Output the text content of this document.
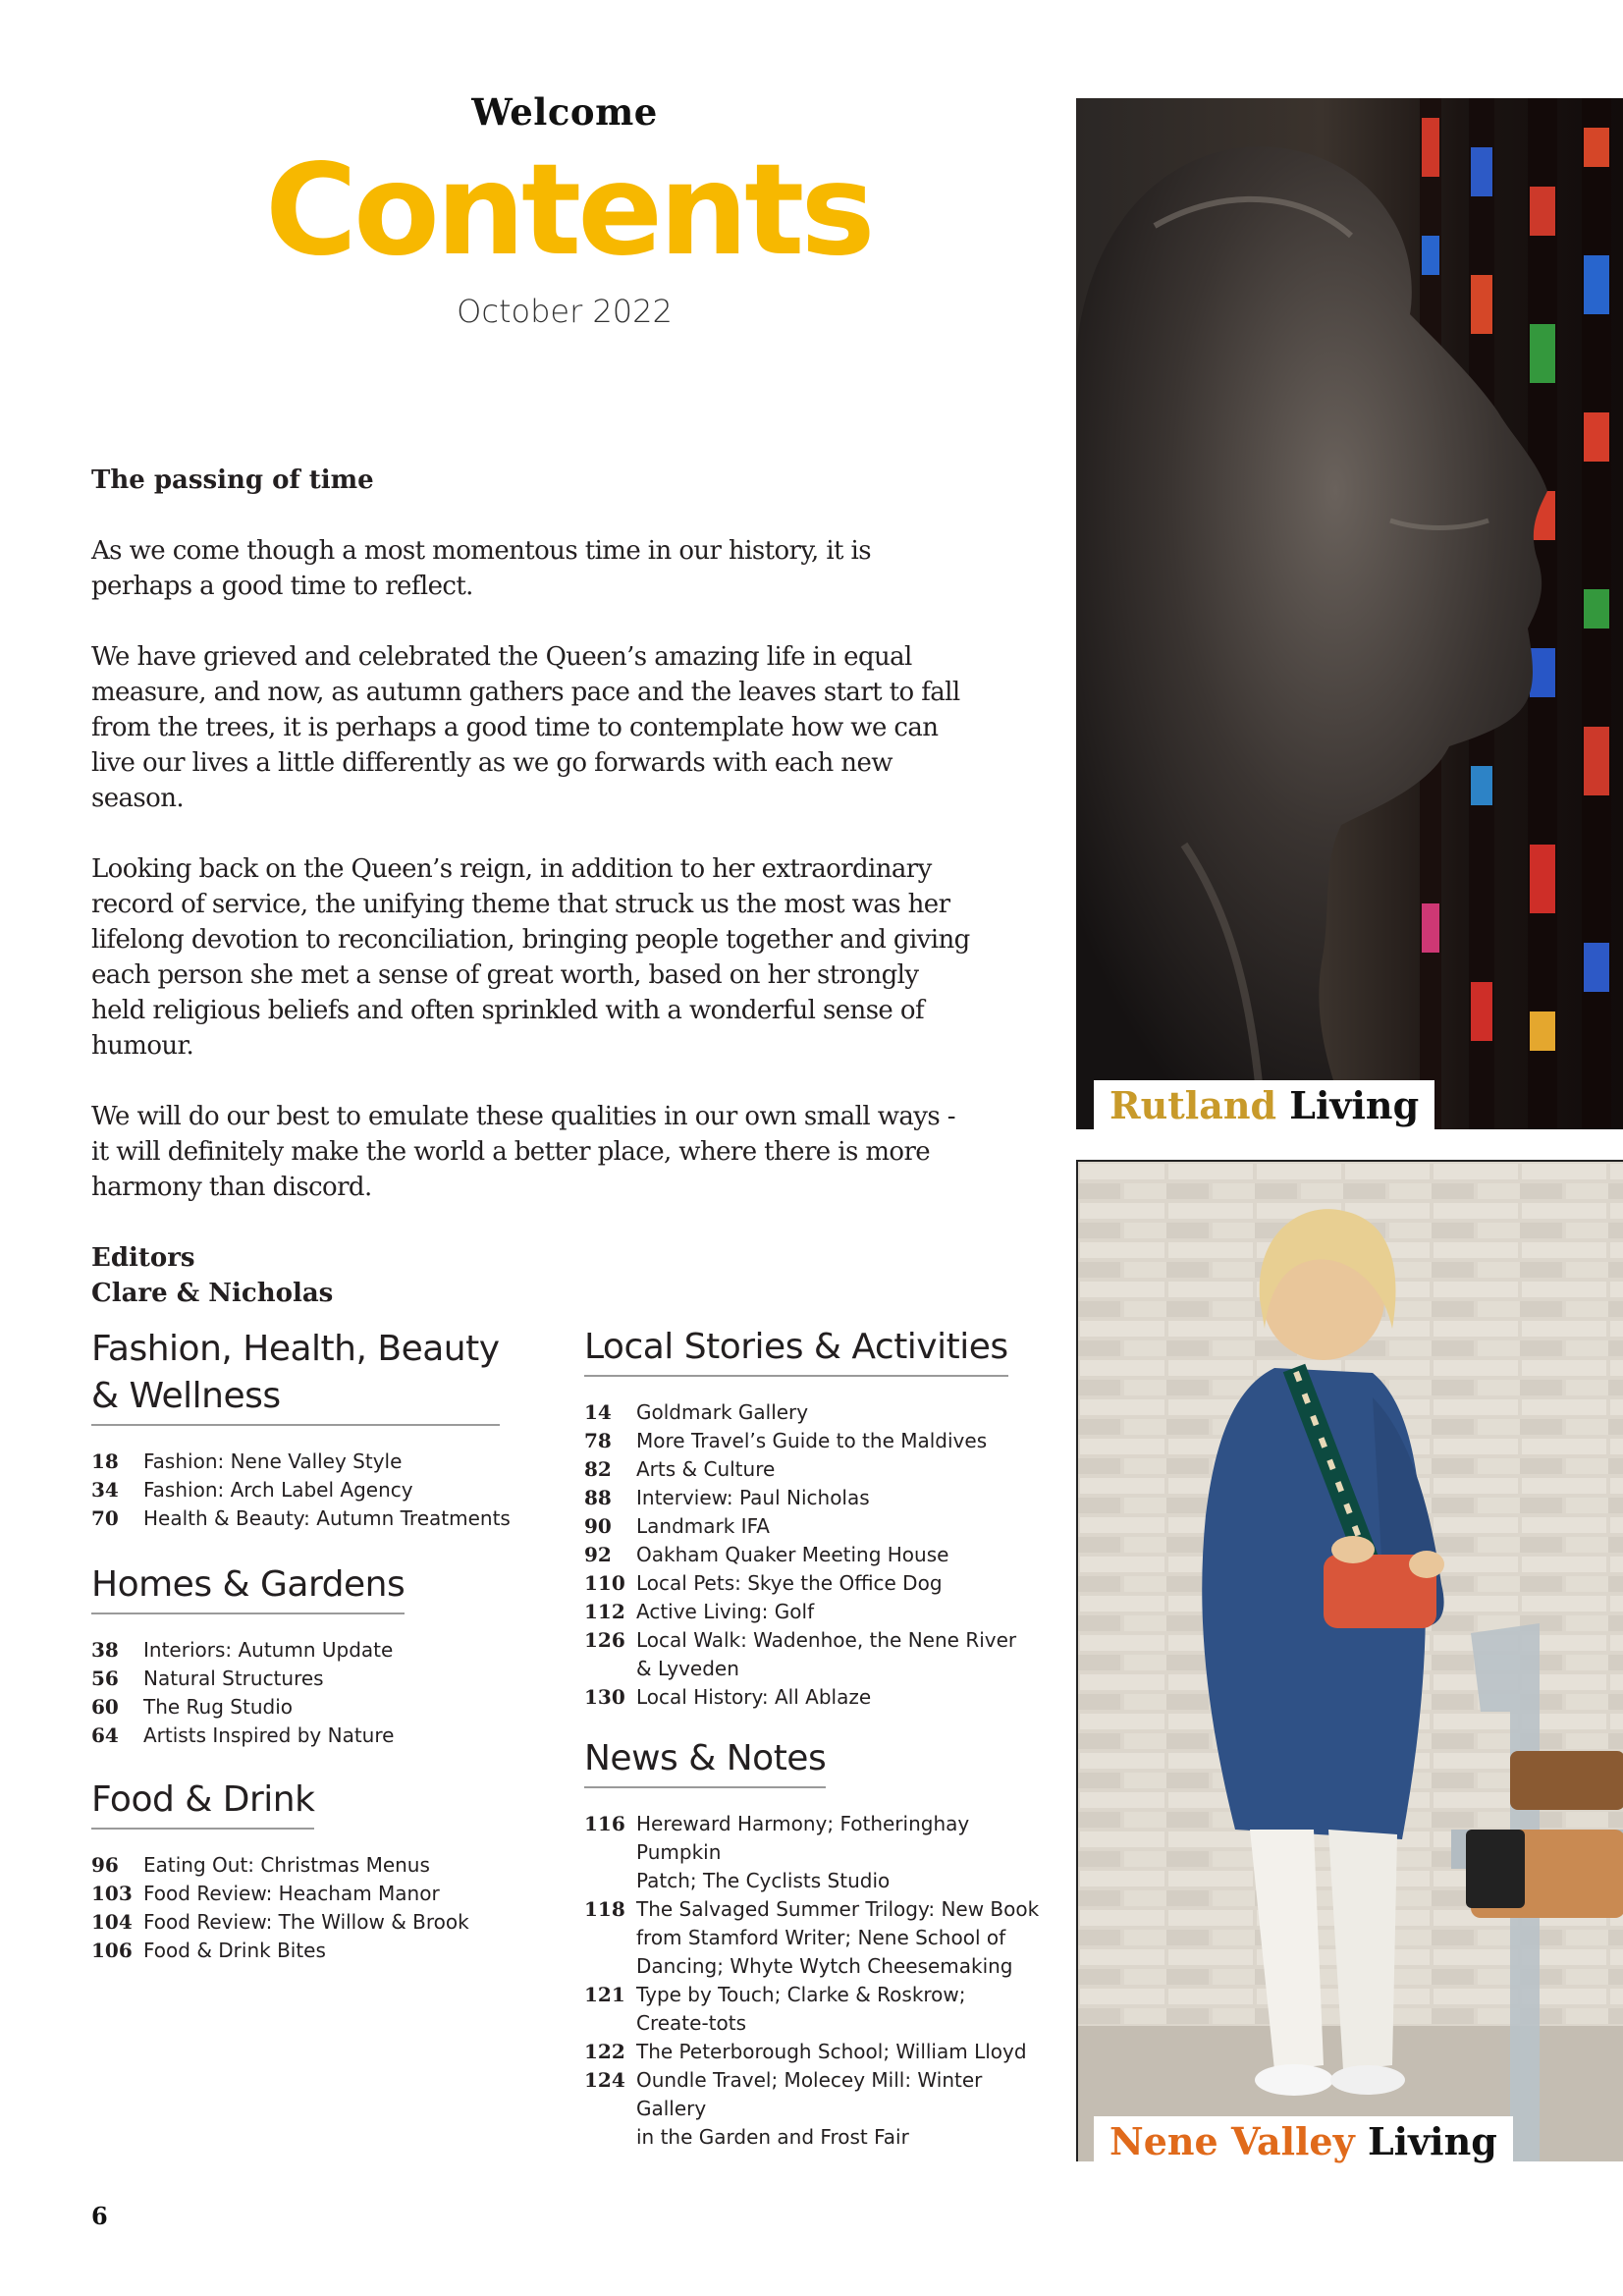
Welcome
Contents
October 2022
The passing of time

As we come though a most momentous time in our history, it is perhaps a good time to reflect.

We have grieved and celebrated the Queen’s amazing life in equal measure, and now, as autumn gathers pace and the leaves start to fall from the trees, it is perhaps a good time to contemplate how we can live our lives a little differently as we go forwards with each new season.

Looking back on the Queen’s reign, in addition to her extraordinary record of service, the unifying theme that struck us the most was her lifelong devotion to reconciliation, bringing people together and giving each person she met a sense of great worth, based on her strongly held religious beliefs and often sprinkled with a wonderful sense of humour.

We will do our best to emulate these qualities in our own small ways - it will definitely make the world a better place, where there is more harmony than discord.

Editors
Clare & Nicholas
Fashion, Health, Beauty
& Wellness
18	Fashion: Nene Valley Style
34	Fashion: Arch Label Agency
70	Health & Beauty: Autumn Treatments
Homes & Gardens
38	Interiors: Autumn Update
56	Natural Structures
60	The Rug Studio
64	Artists Inspired by Nature
Food & Drink
96	Eating Out: Christmas Menus
103 Food Review: Heacham Manor
104 Food Review: The Willow & Brook
106 Food & Drink Bites
Local Stories & Activities
14	Goldmark Gallery
78	More Travel’s Guide to the Maldives
82	Arts & Culture
88	Interview: Paul Nicholas
90	Landmark IFA
92	Oakham Quaker Meeting House
110 Local Pets: Skye the Office Dog
112 Active Living: Golf
126 Local Walk: Wadenhoe, the Nene River
& Lyveden
130 Local History: All Ablaze
News & Notes
116 Hereward Harmony; Fotheringhay Pumpkin
Patch; The Cyclists Studio
118 The Salvaged Summer Trilogy: New Book
from Stamford Writer; Nene School of
Dancing; Whyte Wytch Cheesemaking
121 Type by Touch; Clarke & Roskrow;
Create-tots
122 The Peterborough School; William Lloyd
124 Oundle Travel; Molecey Mill: Winter Gallery
in the Garden and Frost Fair
Rutland Living
Nene Valley Living
6
